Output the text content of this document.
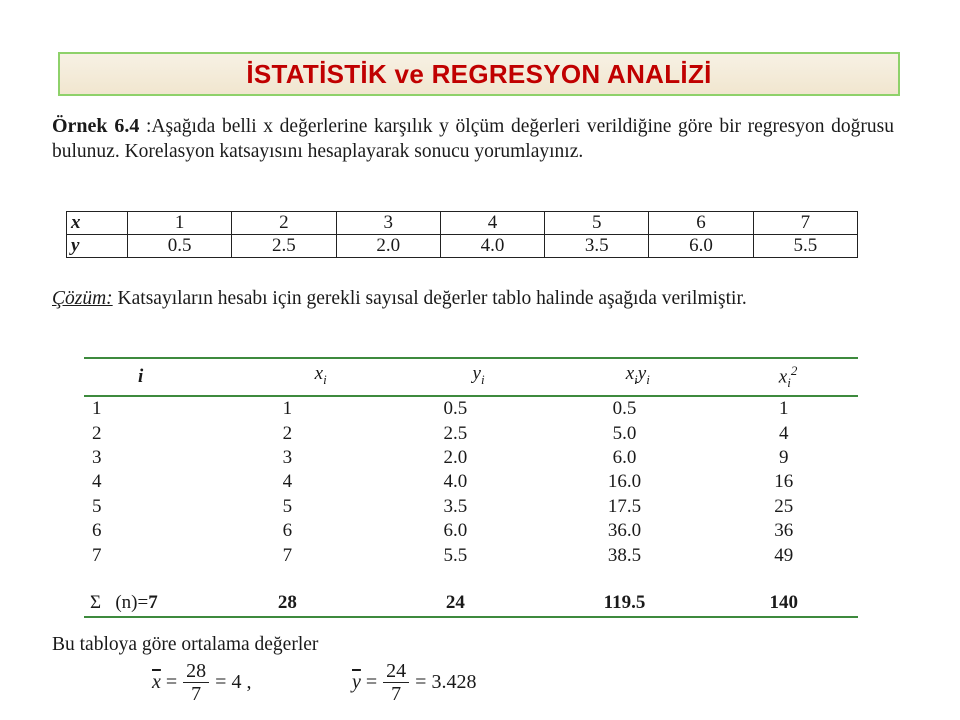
İSTATİSTİK ve REGRESYON ANALİZİ
Örnek 6.4 :Aşağıda belli x değerlerine karşılık y ölçüm değerleri verildiğine göre bir regresyon doğrusu bulunuz. Korelasyon katsayısını hesaplayarak sonucu yorumlayınız.
x	1	2	3	4	5	6	7
y	0.5	2.5	2.0	4.0	3.5	6.0	5.5
Çözüm: Katsayıların hesabı için gerekli sayısal değerler tablo halinde aşağıda verilmiştir.
i	$x_i$	$y_i$	$x_iy_i$	$x_i^2$
1	1	0.5	0.5	1
2	2	2.5	5.0	4
3	3	2.0	6.0	9
4	4	4.0	16.0	16
5	5	3.5	17.5	25
6	6	6.0	36.0	36
7	7	5.5	38.5	49

Σ (n)=7	28	24	119.5	140
Bu tabloya göre ortalama değerler
$\overline{x} = \frac{28}{7} = 4$ ,	$\overline{y} = \frac{24}{7} = 3.428$
